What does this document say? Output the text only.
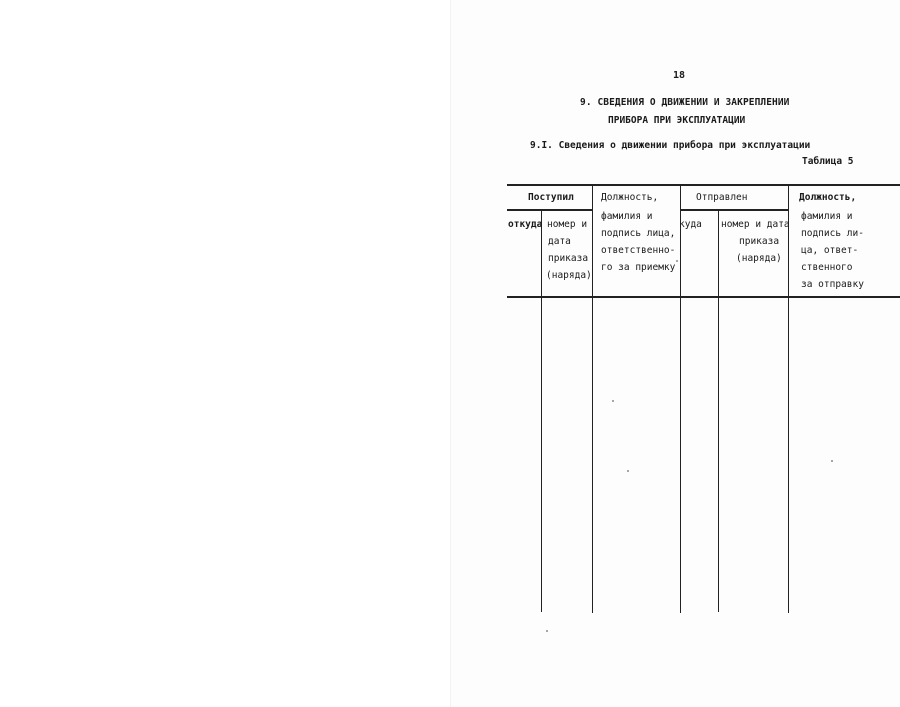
18
9. СВЕДЕНИЯ О ДВИЖЕНИИ И ЗАКРЕПЛЕНИИ
ПРИБОРА ПРИ ЭКСПЛУАТАЦИИ
9.I. Сведения о движении прибора при эксплуатации
Таблица 5
Поступил
откуда номер и
дата
приказа
(наряда)
Должность,
фамилия и
подпись лица,
ответственно-
го за приемку
Отправлен
куда номер и дата
приказа
(наряда)
Должность,
фамилия и
подпись ли-
ца, ответ-
ственного
за отправку
